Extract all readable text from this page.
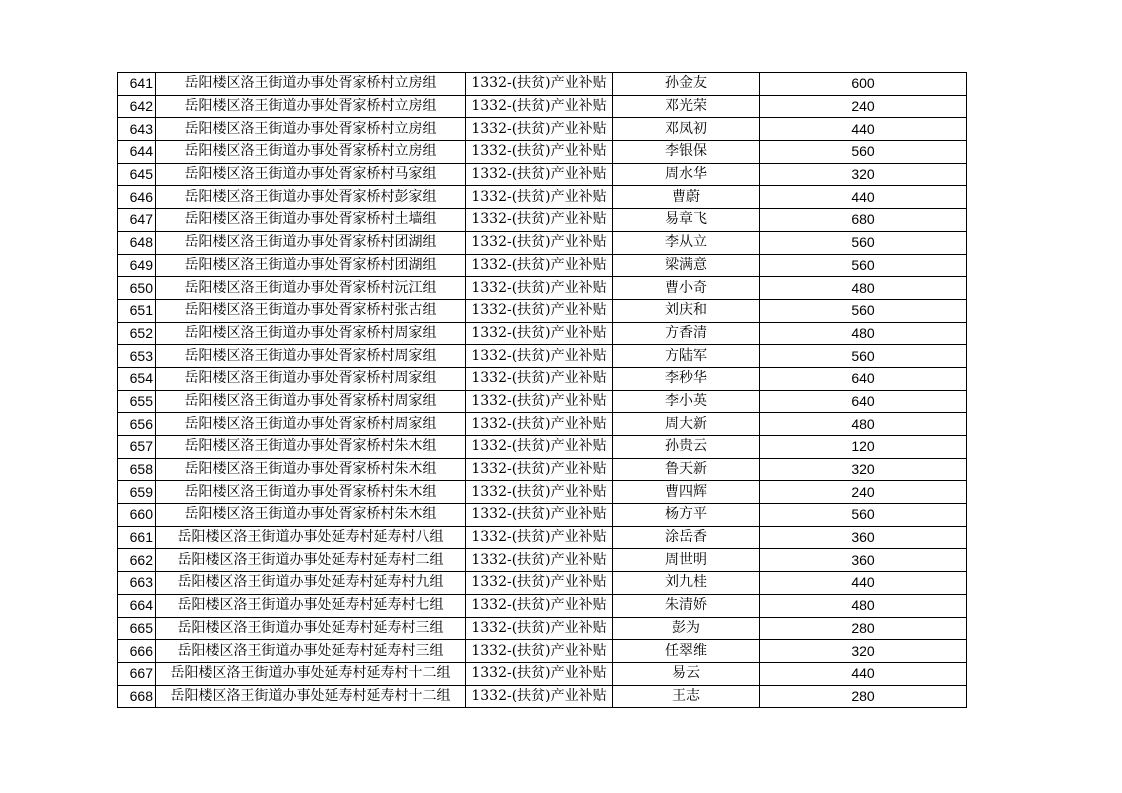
641	岳阳楼区洛王街道办事处胥家桥村立房组	1332-(扶贫)产业补贴	孙金友	600
642	岳阳楼区洛王街道办事处胥家桥村立房组	1332-(扶贫)产业补贴	邓光荣	240
643	岳阳楼区洛王街道办事处胥家桥村立房组	1332-(扶贫)产业补贴	邓凤初	440
644	岳阳楼区洛王街道办事处胥家桥村立房组	1332-(扶贫)产业补贴	李银保	560
645	岳阳楼区洛王街道办事处胥家桥村马家组	1332-(扶贫)产业补贴	周水华	320
646	岳阳楼区洛王街道办事处胥家桥村彭家组	1332-(扶贫)产业补贴	曹蔚	440
647	岳阳楼区洛王街道办事处胥家桥村土墙组	1332-(扶贫)产业补贴	易章飞	680
648	岳阳楼区洛王街道办事处胥家桥村团湖组	1332-(扶贫)产业补贴	李从立	560
649	岳阳楼区洛王街道办事处胥家桥村团湖组	1332-(扶贫)产业补贴	梁满意	560
650	岳阳楼区洛王街道办事处胥家桥村沅江组	1332-(扶贫)产业补贴	曹小奇	480
651	岳阳楼区洛王街道办事处胥家桥村张古组	1332-(扶贫)产业补贴	刘庆和	560
652	岳阳楼区洛王街道办事处胥家桥村周家组	1332-(扶贫)产业补贴	方香清	480
653	岳阳楼区洛王街道办事处胥家桥村周家组	1332-(扶贫)产业补贴	方陆军	560
654	岳阳楼区洛王街道办事处胥家桥村周家组	1332-(扶贫)产业补贴	李秒华	640
655	岳阳楼区洛王街道办事处胥家桥村周家组	1332-(扶贫)产业补贴	李小英	640
656	岳阳楼区洛王街道办事处胥家桥村周家组	1332-(扶贫)产业补贴	周大新	480
657	岳阳楼区洛王街道办事处胥家桥村朱木组	1332-(扶贫)产业补贴	孙贵云	120
658	岳阳楼区洛王街道办事处胥家桥村朱木组	1332-(扶贫)产业补贴	鲁天新	320
659	岳阳楼区洛王街道办事处胥家桥村朱木组	1332-(扶贫)产业补贴	曹四辉	240
660	岳阳楼区洛王街道办事处胥家桥村朱木组	1332-(扶贫)产业补贴	杨方平	560
661	岳阳楼区洛王街道办事处延寿村延寿村八组	1332-(扶贫)产业补贴	涂岳香	360
662	岳阳楼区洛王街道办事处延寿村延寿村二组	1332-(扶贫)产业补贴	周世明	360
663	岳阳楼区洛王街道办事处延寿村延寿村九组	1332-(扶贫)产业补贴	刘九桂	440
664	岳阳楼区洛王街道办事处延寿村延寿村七组	1332-(扶贫)产业补贴	朱清娇	480
665	岳阳楼区洛王街道办事处延寿村延寿村三组	1332-(扶贫)产业补贴	彭为	280
666	岳阳楼区洛王街道办事处延寿村延寿村三组	1332-(扶贫)产业补贴	任翠维	320
667	岳阳楼区洛王街道办事处延寿村延寿村十二组	1332-(扶贫)产业补贴	易云	440
668	岳阳楼区洛王街道办事处延寿村延寿村十二组	1332-(扶贫)产业补贴	王志	280
